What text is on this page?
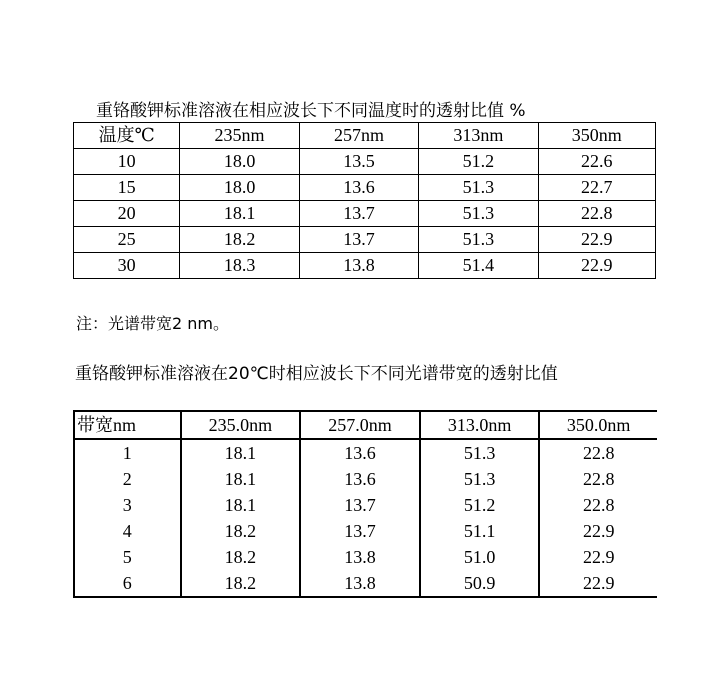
重铬酸钾标准溶液在相应波长下不同温度时的透射比值 %
温度℃	235nm	257nm	313nm	350nm
10	18.0	13.5	51.2	22.6
15	18.0	13.6	51.3	22.7
20	18.1	13.7	51.3	22.8
25	18.2	13.7	51.3	22.9
30	18.3	13.8	51.4	22.9
注：光谱带宽2 nm。
重铬酸钾标准溶液在20℃时相应波长下不同光谱带宽的透射比值
带宽nm	235.0nm	257.0nm	313.0nm	350.0nm
1	18.1	13.6	51.3	22.8
2	18.1	13.6	51.3	22.8
3	18.1	13.7	51.2	22.8
4	18.2	13.7	51.1	22.9
5	18.2	13.8	51.0	22.9
6	18.2	13.8	50.9	22.9
